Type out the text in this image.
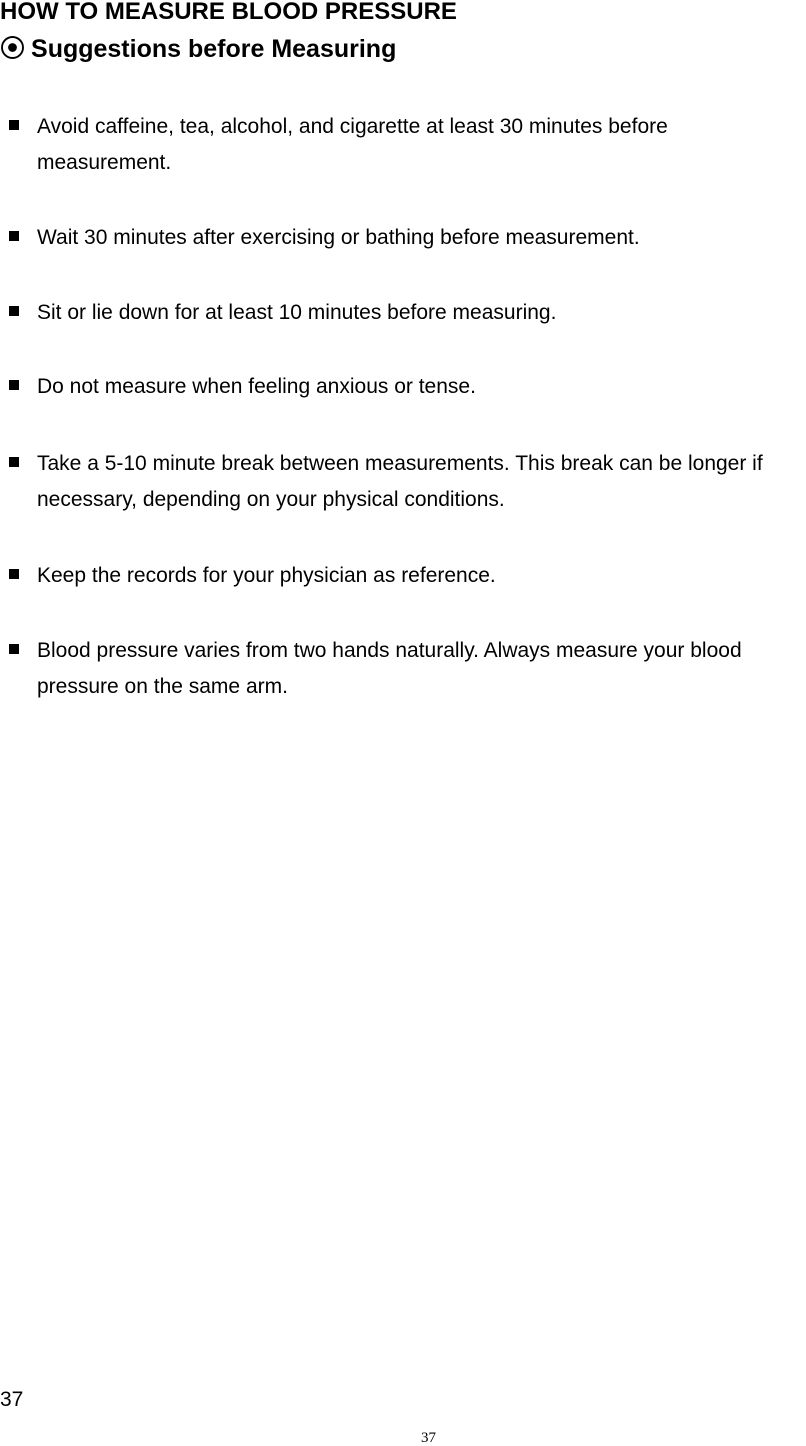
HOW TO MEASURE BLOOD PRESSURE
⦿ Suggestions before Measuring
Avoid caffeine, tea, alcohol, and cigarette at least 30 minutes before measurement.
Wait 30 minutes after exercising or bathing before measurement.
Sit or lie down for at least 10 minutes before measuring.
Do not measure when feeling anxious or tense.
Take a 5-10 minute break between measurements. This break can be longer if necessary, depending on your physical conditions.
Keep the records for your physician as reference.
Blood pressure varies from two hands naturally. Always measure your blood pressure on the same arm.
37
37
